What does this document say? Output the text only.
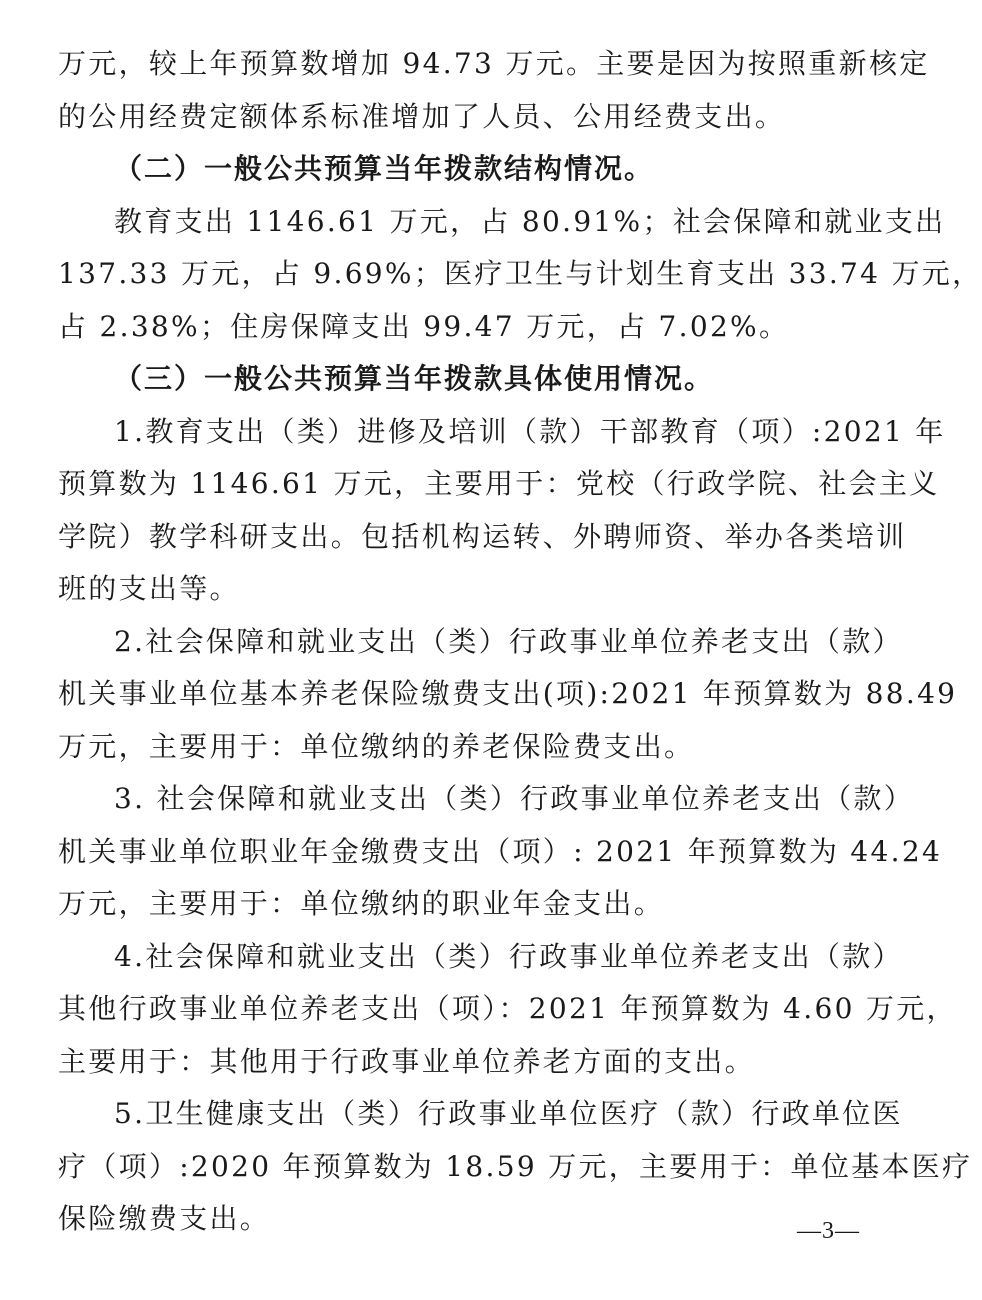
万元，较上年预算数增加 94.73 万元。主要是因为按照重新核定
的公用经费定额体系标准增加了人员、公用经费支出。
（二）一般公共预算当年拨款结构情况。
教育支出 1146.61 万元，占 80.91%；社会保障和就业支出
137.33 万元，占 9.69%；医疗卫生与计划生育支出 33.74 万元，
占 2.38%；住房保障支出 99.47 万元，占 7.02%。
（三）一般公共预算当年拨款具体使用情况。
1.教育支出（类）进修及培训（款）干部教育（项）:2021 年
预算数为 1146.61 万元，主要用于：党校（行政学院、社会主义
学院）教学科研支出。包括机构运转、外聘师资、举办各类培训
班的支出等。
2.社会保障和就业支出（类）行政事业单位养老支出（款）
机关事业单位基本养老保险缴费支出(项):2021 年预算数为 88.49
万元，主要用于：单位缴纳的养老保险费支出。
3. 社会保障和就业支出（类）行政事业单位养老支出（款）
机关事业单位职业年金缴费支出（项）: 2021 年预算数为 44.24
万元，主要用于：单位缴纳的职业年金支出。
4.社会保障和就业支出（类）行政事业单位养老支出（款）
其他行政事业单位养老支出（项）：2021 年预算数为 4.60 万元，
主要用于：其他用于行政事业单位养老方面的支出。
5.卫生健康支出（类）行政事业单位医疗（款）行政单位医
疗（项）:2020 年预算数为 18.59 万元，主要用于：单位基本医疗
保险缴费支出。	—3—
